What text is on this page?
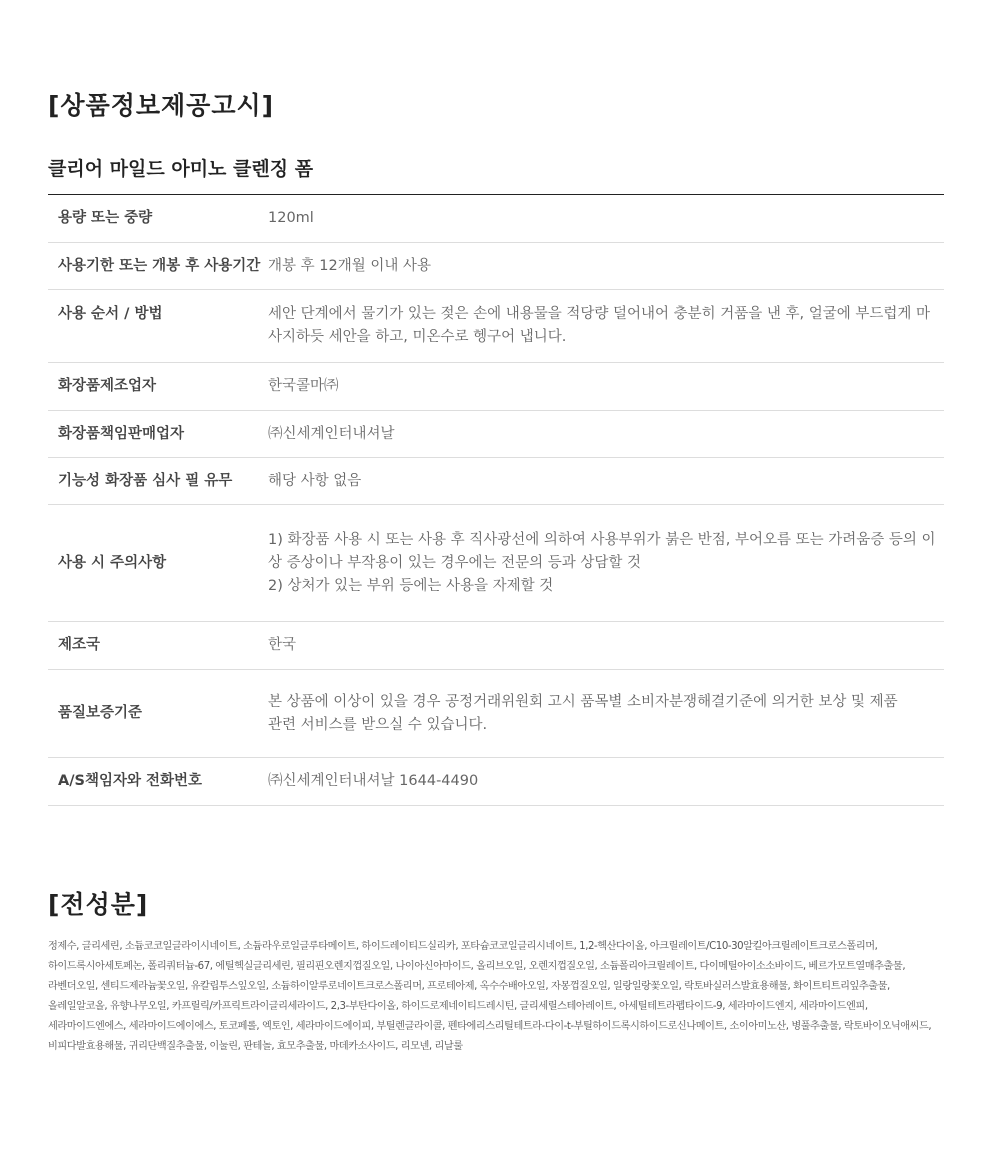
[상품정보제공고시]
클리어 마일드 아미노 클렌징 폼
용량 또는 중량	120ml
사용기한 또는 개봉 후 사용기간	개봉 후 12개월 이내 사용
사용 순서 / 방법	세안 단계에서 물기가 있는 젖은 손에 내용물을 적당량 덜어내어 충분히 거품을 낸 후, 얼굴에 부드럽게 마사지하듯 세안을 하고, 미온수로 헹구어 냅니다.
화장품제조업자	한국콜마㈜
화장품책임판매업자	㈜신세계인터내셔날
기능성 화장품 심사 필 유무	해당 사항 없음
사용 시 주의사항	1) 화장품 사용 시 또는 사용 후 직사광선에 의하여 사용부위가 붉은 반점, 부어오름 또는 가려움증 등의 이상 증상이나 부작용이 있는 경우에는 전문의 등과 상담할 것
2) 상처가 있는 부위 등에는 사용을 자제할 것

제조국	한국
품질보증기준	본 상품에 이상이 있을 경우 공정거래위원회 고시 품목별 소비자분쟁해결기준에 의거한 보상 및 제품
관련 서비스를 받으실 수 있습니다.

A/S책임자와 전화번호	㈜신세계인터내셔날 1644-4490
[전성분]

정제수, 글리세린, 소듐코코일글라이시네이트, 소듐라우로일글루타메이트, 하이드레이티드실리카, 포타슘코코일글리시네이트, 1,2-헥산다이올, 아크릴레이트/C10-30알킬아크릴레이트크로스폴리머, 하이드록시아세토페논, 폴리쿼터늄-67, 에틸헥실글리세린, 필리핀오렌지껍질오일, 나이아신아마이드, 올리브오일, 오렌지껍질오일, 소듐폴리아크릴레이트, 다이메틸아이소소바이드, 베르가모트열매추출물, 라벤더오일, 센티드제라늄꽃오일, 유칼립투스잎오일, 소듐하이알루로네이트크로스폴리머, 프로테아제, 옥수수배아오일, 자몽껍질오일, 일랑일랑꽃오일, 락토바실러스발효용해물, 화이트티트리잎추출물, 올레일알코올, 유향나무오일, 카프릴릭/카프릭트라이글리세라이드, 2,3-부탄다이올, 하이드로제네이티드레시틴, 글리세릴스테아레이트, 아세틸테트라펩타이드-9, 세라마이드엔지, 세라마이드엔피, 세라마이드엔에스, 세라마이드에이에스, 토코페롤, 엑토인, 세라마이드에이피, 부틸렌글라이콜, 펜타에리스리틸테트라-다이-t-부틸하이드록시하이드로신나메이트, 소이아미노산, 병풀추출물, 락토바이오닉애씨드, 비피다발효용해물, 귀리단백질추출물, 이눌린, 판테놀, 효모추출물, 마데카소사이드, 리모넨, 리날룰
